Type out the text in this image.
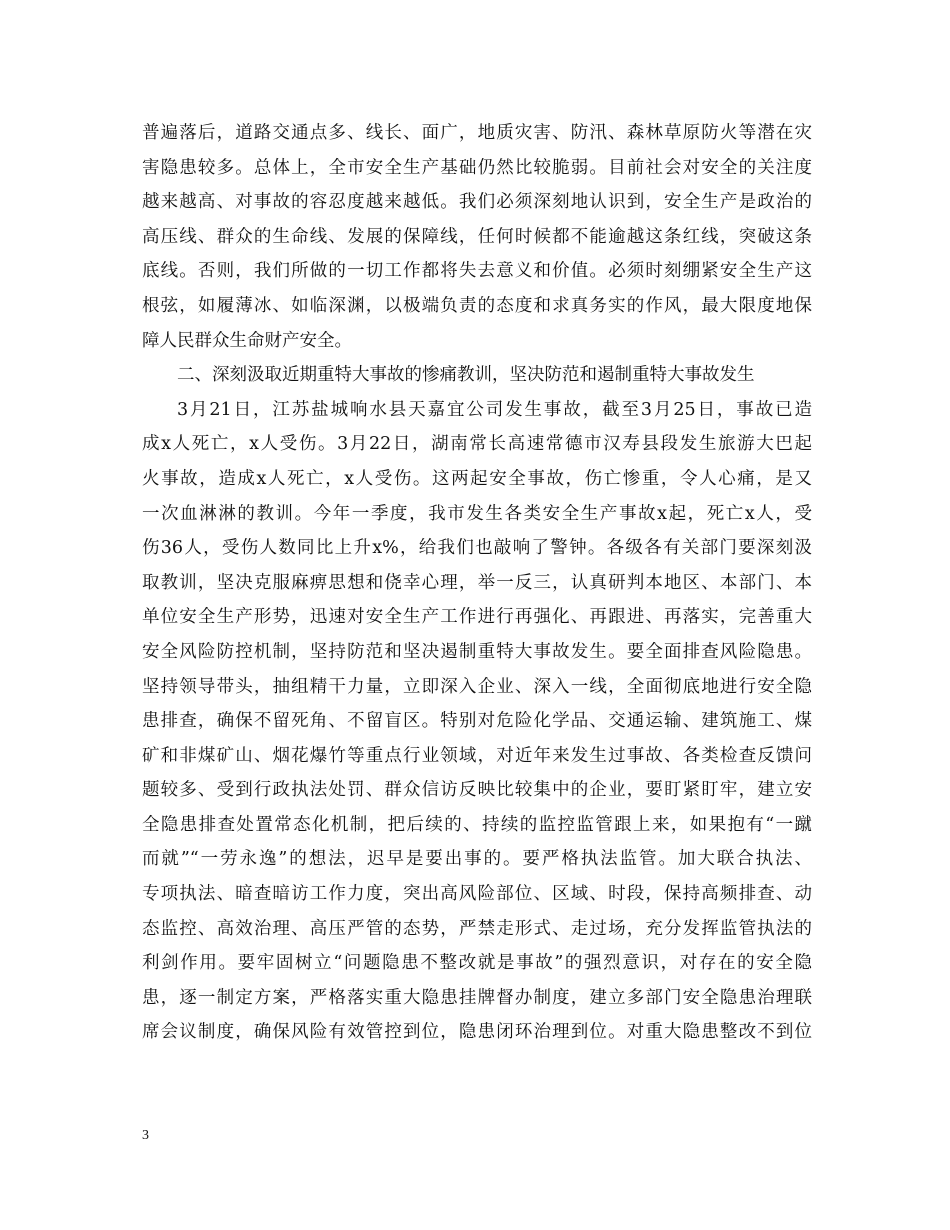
普遍落后，道路交通点多、线长、面广，地质灾害、防汛、森林草原防火等潜在灾
害隐患较多。总体上，全市安全生产基础仍然比较脆弱。目前社会对安全的关注度
越来越高、对事故的容忍度越来越低。我们必须深刻地认识到，安全生产是政治的
高压线、群众的生命线、发展的保障线，任何时候都不能逾越这条红线，突破这条
底线。否则，我们所做的一切工作都将失去意义和价值。必须时刻绷紧安全生产这
根弦，如履薄冰、如临深渊，以极端负责的态度和求真务实的作风，最大限度地保
障人民群众生命财产安全。
二、深刻汲取近期重特大事故的惨痛教训，坚决防范和遏制重特大事故发生
3月21日，江苏盐城响水县天嘉宜公司发生事故，截至3月25日，事故已造
成x人死亡，x人受伤。3月22日，湖南常长高速常德市汉寿县段发生旅游大巴起
火事故，造成x人死亡，x人受伤。这两起安全事故，伤亡惨重，令人心痛，是又
一次血淋淋的教训。今年一季度，我市发生各类安全生产事故x起，死亡x人，受
伤36人，受伤人数同比上升x%，给我们也敲响了警钟。各级各有关部门要深刻汲
取教训，坚决克服麻痹思想和侥幸心理，举一反三，认真研判本地区、本部门、本
单位安全生产形势，迅速对安全生产工作进行再强化、再跟进、再落实，完善重大
安全风险防控机制，坚持防范和坚决遏制重特大事故发生。要全面排查风险隐患。
坚持领导带头，抽组精干力量，立即深入企业、深入一线，全面彻底地进行安全隐
患排查，确保不留死角、不留盲区。特别对危险化学品、交通运输、建筑施工、煤
矿和非煤矿山、烟花爆竹等重点行业领域，对近年来发生过事故、各类检查反馈问
题较多、受到行政执法处罚、群众信访反映比较集中的企业，要盯紧盯牢，建立安
全隐患排查处置常态化机制，把后续的、持续的监控监管跟上来，如果抱有“一蹴
而就”“一劳永逸”的想法，迟早是要出事的。要严格执法监管。加大联合执法、
专项执法、暗查暗访工作力度，突出高风险部位、区域、时段，保持高频排查、动
态监控、高效治理、高压严管的态势，严禁走形式、走过场，充分发挥监管执法的
利剑作用。要牢固树立“问题隐患不整改就是事故”的强烈意识，对存在的安全隐
患，逐一制定方案，严格落实重大隐患挂牌督办制度，建立多部门安全隐患治理联
席会议制度，确保风险有效管控到位，隐患闭环治理到位。对重大隐患整改不到位
3
